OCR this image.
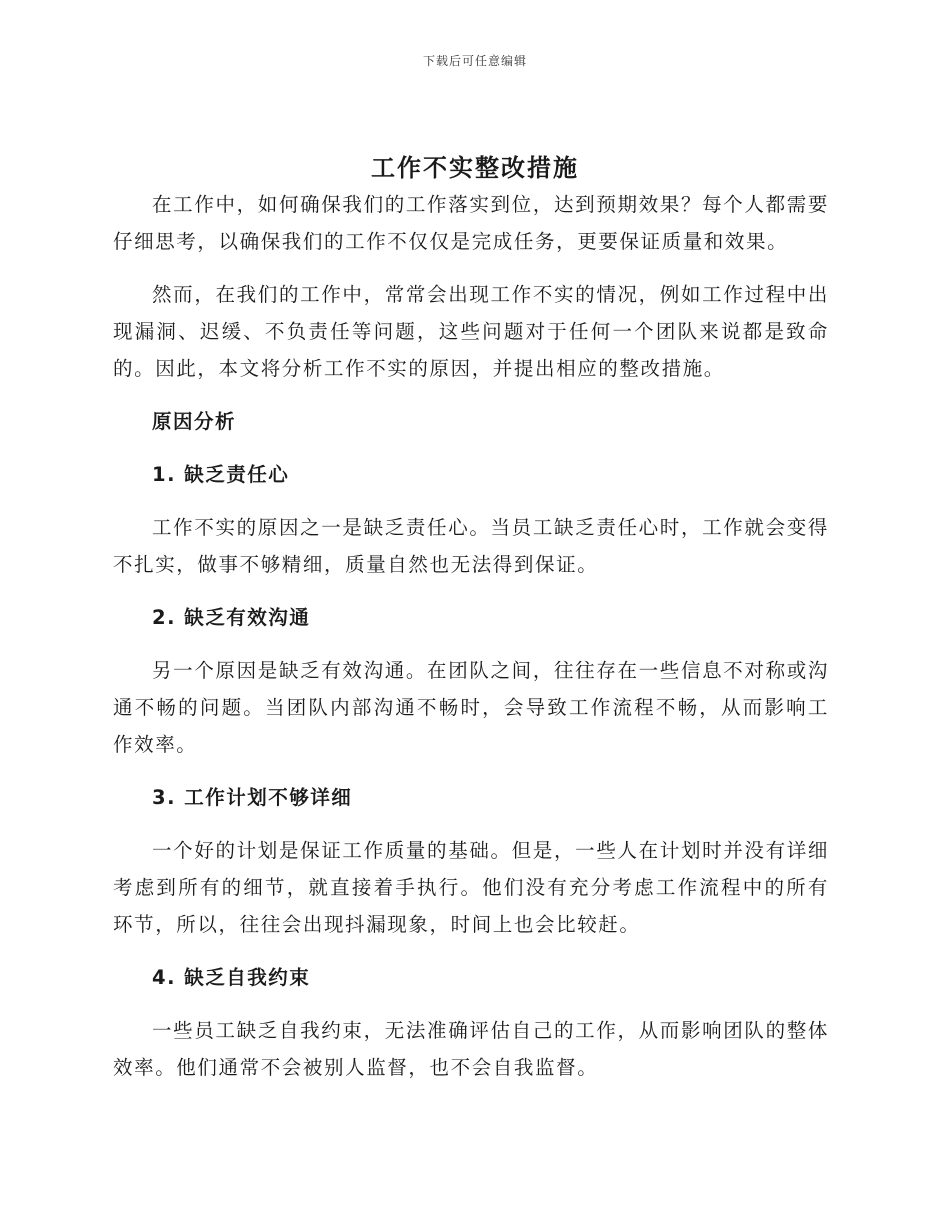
下载后可任意编辑
工作不实整改措施

在工作中，如何确保我们的工作落实到位，达到预期效果？每个人都需要仔细思考，以确保我们的工作不仅仅是完成任务，更要保证质量和效果。

然而，在我们的工作中，常常会出现工作不实的情况，例如工作过程中出现漏洞、迟缓、不负责任等问题，这些问题对于任何一个团队来说都是致命的。因此，本文将分析工作不实的原因，并提出相应的整改措施。

原因分析

1. 缺乏责任心

工作不实的原因之一是缺乏责任心。当员工缺乏责任心时，工作就会变得不扎实，做事不够精细，质量自然也无法得到保证。

2. 缺乏有效沟通

另一个原因是缺乏有效沟通。在团队之间，往往存在一些信息不对称或沟通不畅的问题。当团队内部沟通不畅时，会导致工作流程不畅，从而影响工作效率。

3. 工作计划不够详细

一个好的计划是保证工作质量的基础。但是，一些人在计划时并没有详细考虑到所有的细节，就直接着手执行。他们没有充分考虑工作流程中的所有环节，所以，往往会出现抖漏现象，时间上也会比较赶。

4. 缺乏自我约束

一些员工缺乏自我约束，无法准确评估自己的工作，从而影响团队的整体效率。他们通常不会被别人监督，也不会自我监督。
